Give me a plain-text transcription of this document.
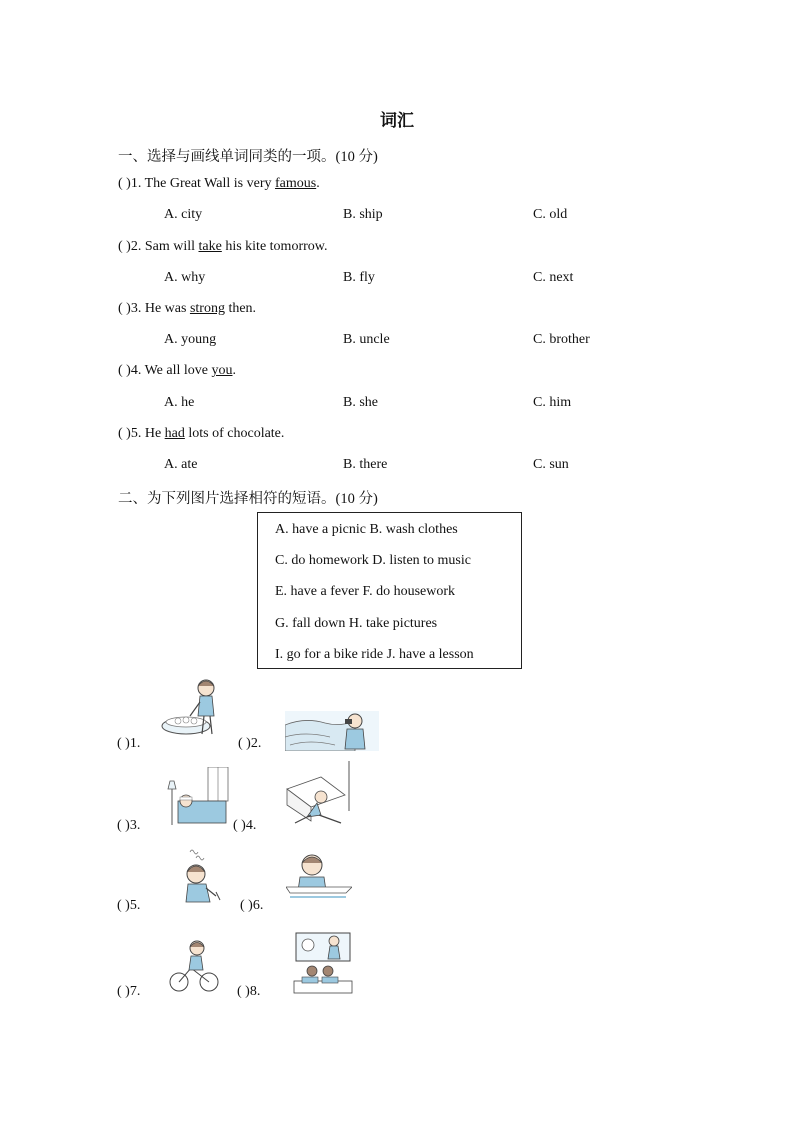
词汇
一、选择与画线单词同类的一项。(10 分)
( )1. The Great Wall is very famous.
A. city	B. ship	C. old
( )2. Sam will take his kite tomorrow.
A. why	B. fly	C. next
( )3. He was strong then.
A. young	B. uncle	C. brother
( )4. We all love you.
A. he	B. she	C. him
( )5. He had lots of chocolate.
A. ate	B. there	C. sun
二、为下列图片选择相符的短语。(10 分)
A. have a picnic B. wash clothes
C. do homework D. listen to music
E. have a fever F. do housework
G. fall down H. take pictures
I. go for a bike ride J. have a lesson
( )1.	( )2.
( )3.	( )4.
( )5.	( )6.
( )7.	( )8.
